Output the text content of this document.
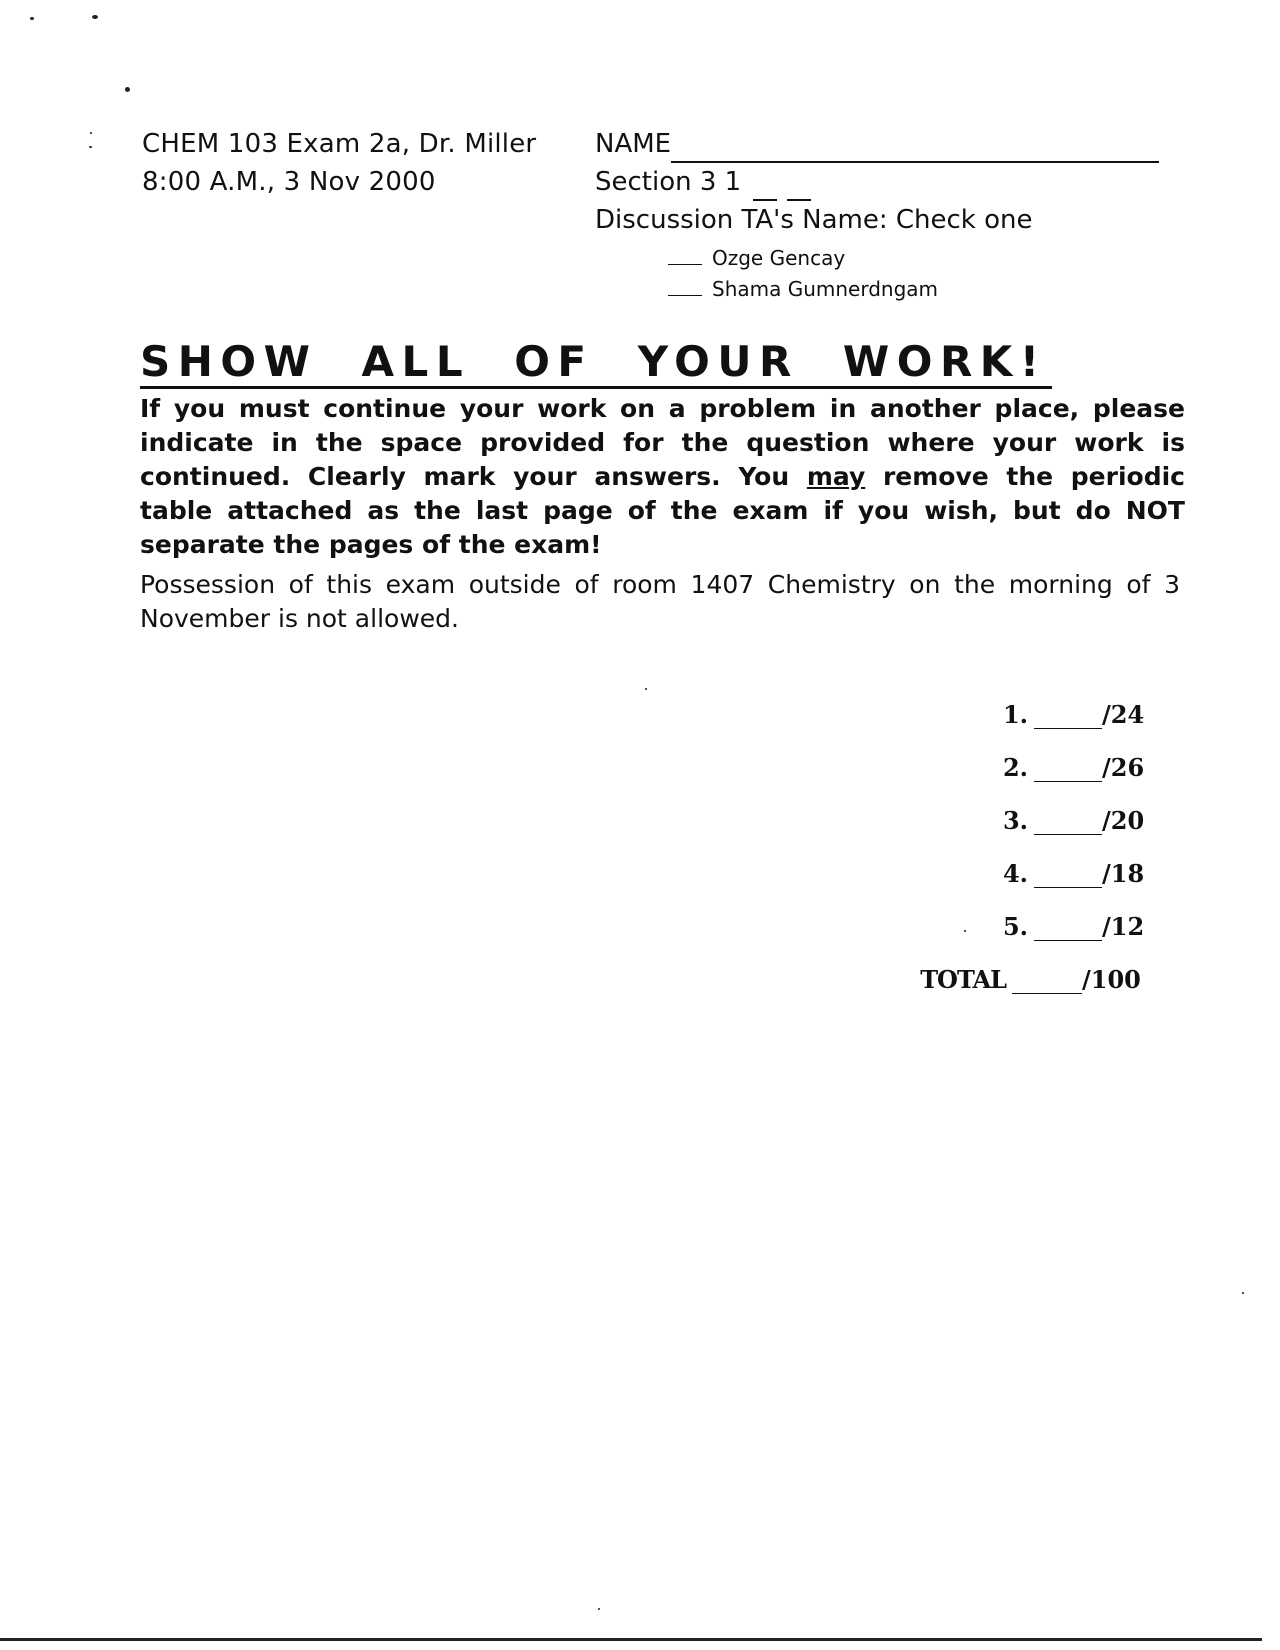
CHEM 103 Exam 2a, Dr. Miller
8:00 A.M., 3 Nov 2000
NAME
Section 3 1
Discussion TA's Name: Check one
Ozge Gencay
Shama Gumnerdngam
SHOW ALL OF YOUR WORK!
If you must continue your work on a problem in another place, please indicate in the space provided for the question where your work is continued. Clearly mark your answers. You may remove the periodic table attached as the last page of the exam if you wish, but do NOT separate the pages of the exam!
Possession of this exam outside of room 1407 Chemistry on the morning of 3 November is not allowed.
1.	/24
2.	/26
3.	/20
4.	/18
5.	/12
TOTAL	/100
